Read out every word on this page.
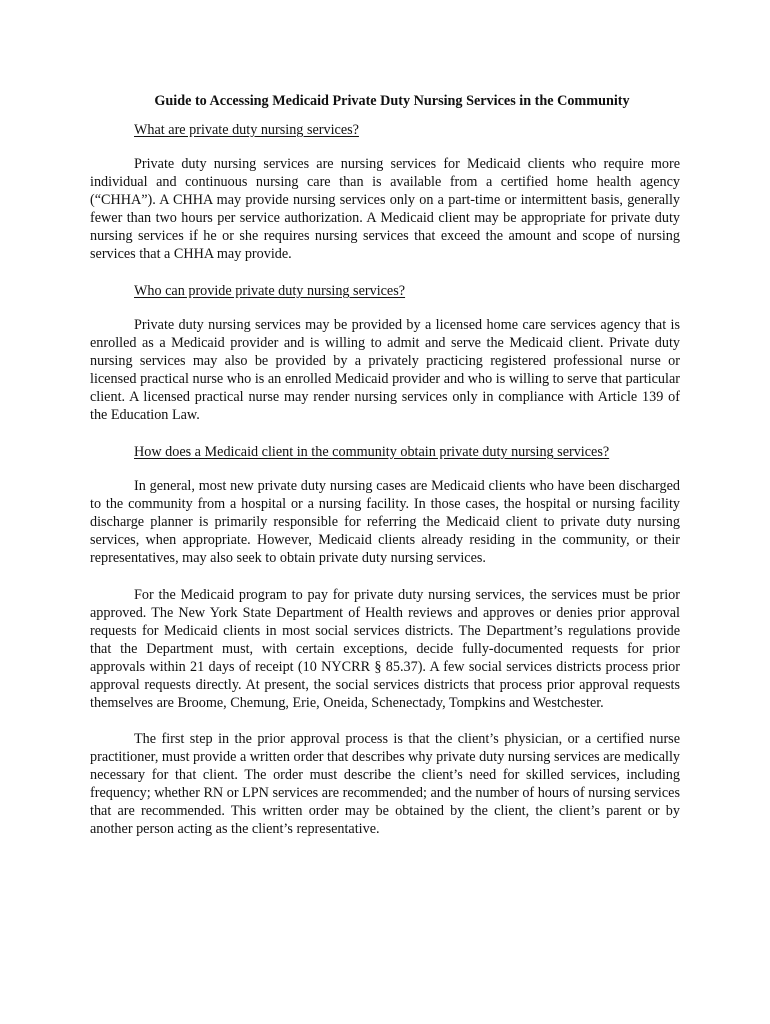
Guide to Accessing Medicaid Private Duty Nursing Services in the Community
What are private duty nursing services?

Private duty nursing services are nursing services for Medicaid clients who require more individual and continuous nursing care than is available from a certified home health agency (“CHHA”). A CHHA may provide nursing services only on a part-time or intermittent basis, generally fewer than two hours per service authorization. A Medicaid client may be appropriate for private duty nursing services if he or she requires nursing services that exceed the amount and scope of nursing services that a CHHA may provide.

Who can provide private duty nursing services?

Private duty nursing services may be provided by a licensed home care services agency that is enrolled as a Medicaid provider and is willing to admit and serve the Medicaid client. Private duty nursing services may also be provided by a privately practicing registered professional nurse or licensed practical nurse who is an enrolled Medicaid provider and who is willing to serve that particular client. A licensed practical nurse may render nursing services only in compliance with Article 139 of the Education Law.

How does a Medicaid client in the community obtain private duty nursing services?

In general, most new private duty nursing cases are Medicaid clients who have been discharged to the community from a hospital or a nursing facility. In those cases, the hospital or nursing facility discharge planner is primarily responsible for referring the Medicaid client to private duty nursing services, when appropriate. However, Medicaid clients already residing in the community, or their representatives, may also seek to obtain private duty nursing services.

For the Medicaid program to pay for private duty nursing services, the services must be prior approved. The New York State Department of Health reviews and approves or denies prior approval requests for Medicaid clients in most social services districts. The Department’s regulations provide that the Department must, with certain exceptions, decide fully-documented requests for prior approvals within 21 days of receipt (10 NYCRR § 85.37). A few social services districts process prior approval requests directly. At present, the social services districts that process prior approval requests themselves are Broome, Chemung, Erie, Oneida, Schenectady, Tompkins and Westchester.

The first step in the prior approval process is that the client’s physician, or a certified nurse practitioner, must provide a written order that describes why private duty nursing services are medically necessary for that client. The order must describe the client’s need for skilled services, including frequency; whether RN or LPN services are recommended; and the number of hours of nursing services that are recommended. This written order may be obtained by the client, the client’s parent or by another person acting as the client’s representative.
